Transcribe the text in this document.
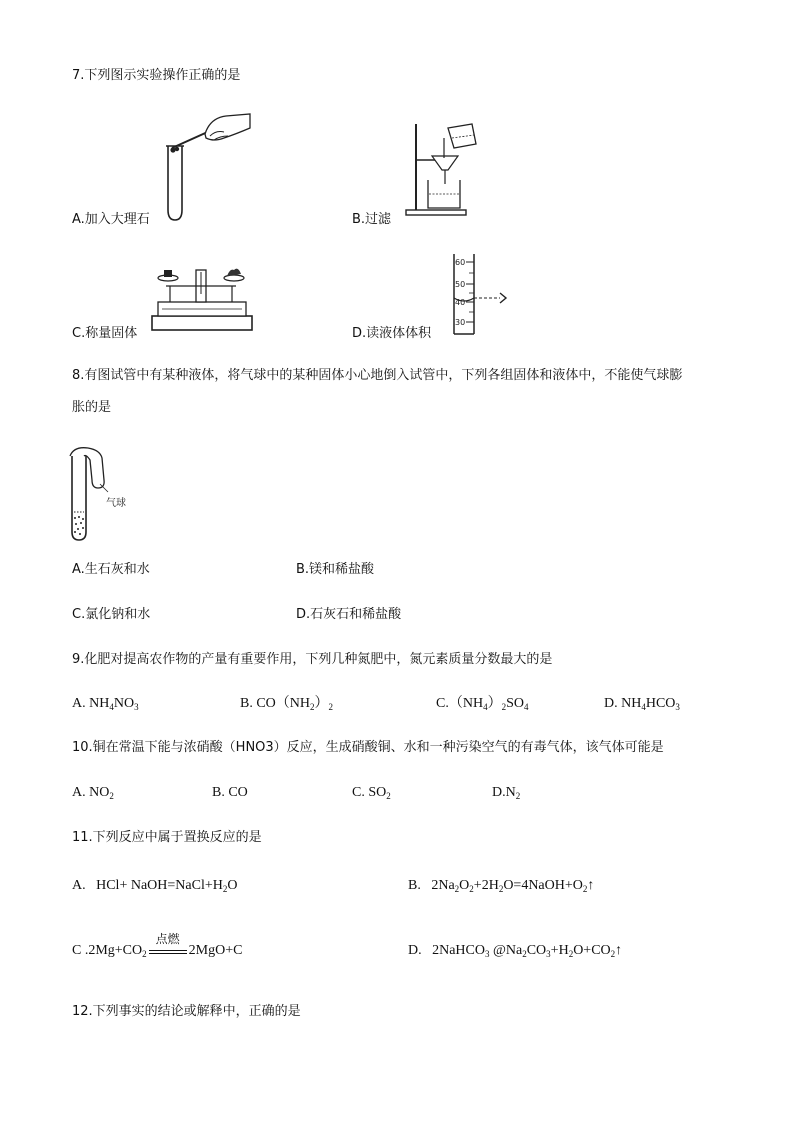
7.下列图示实验操作正确的是
A.加入大理石	B.过滤
C.称量固体
60
50
40
30
D.读液体体积
8.有图试管中有某种液体，将气球中的某种固体小心地倒入试管中，下列各组固体和液体中，不能使气球膨
胀的是
气球
A.生石灰和水	B.镁和稀盐酸
C.氯化钠和水	D.石灰石和稀盐酸
9.化肥对提高农作物的产量有重要作用，下列几种氮肥中，氮元素质量分数最大的是
A. $NH_4NO_3$	B. $CO(NH_2)_2$	$C.(NH_4)_2SO_4$	D. $NH_4HCO_3$
10.铜在常温下能与浓硝酸（HNO3）反应，生成硝酸铜、水和一种污染空气的有毒气体，该气体可能是
A. $NO_2$	B. CO	C. $SO_2$	$D.N_2$
11.下列反应中属于置换反应的是
A.   $HCl+ NaOH=NaCl+H_2O$	B.   $2Na_2O_2+2H_2O=4NaOH+O_2↑$
C $.2Mg+CO_2$
点燃
2MgO+C	D.   2NaHCO$_3$ $@Na_2CO_3+H_2O+CO_2↑$
12.下列事实的结论或解释中，正确的是
